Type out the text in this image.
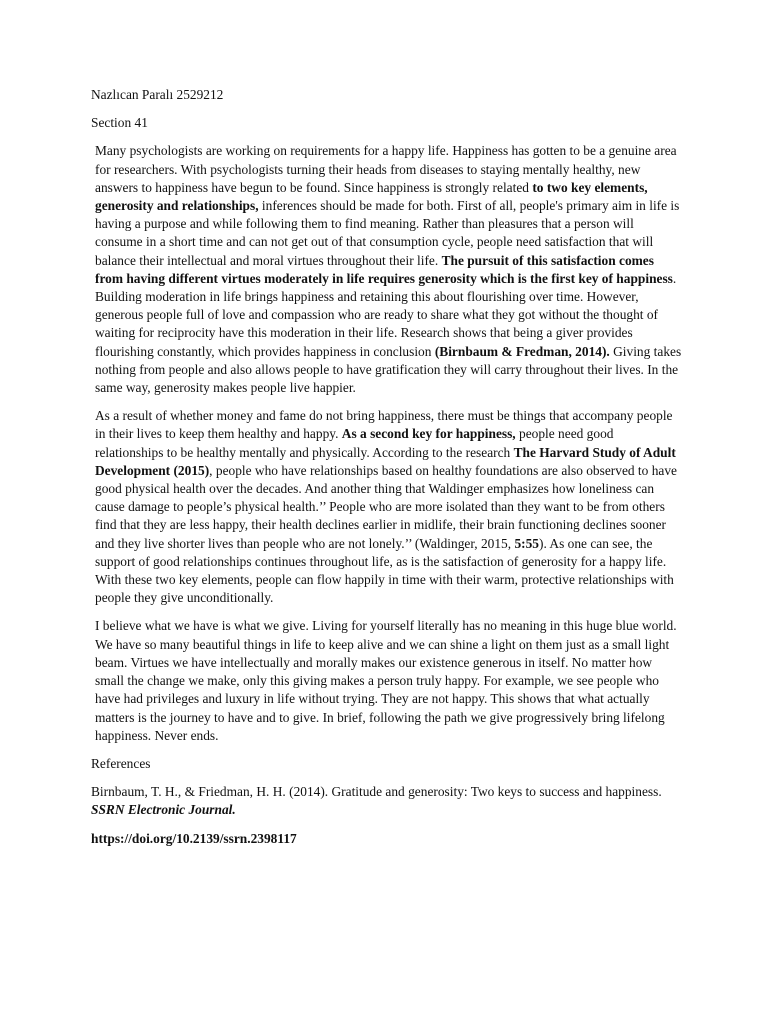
Nazlıcan Paralı 2529212

Section 41

Many psychologists are working on requirements for a happy life. Happiness has gotten to be a genuine area for researchers. With psychologists turning their heads from diseases to staying mentally healthy, new answers to happiness have begun to be found. Since happiness is strongly related to two key elements, generosity and relationships, inferences should be made for both. First of all, people's primary aim in life is having a purpose and while following them to find meaning. Rather than pleasures that a person will consume in a short time and can not get out of that consumption cycle, people need satisfaction that will balance their intellectual and moral virtues throughout their life. The pursuit of this satisfaction comes from having different virtues moderately in life requires generosity which is the first key of happiness. Building moderation in life brings happiness and retaining this about flourishing over time. However, generous people full of love and compassion who are ready to share what they got without the thought of waiting for reciprocity have this moderation in their life. Research shows that being a giver provides flourishing constantly, which provides happiness in conclusion (Birnbaum & Fredman, 2014). Giving takes nothing from people and also allows people to have gratification they will carry throughout their lives. In the same way, generosity makes people live happier.

As a result of whether money and fame do not bring happiness, there must be things that accompany people in their lives to keep them healthy and happy. As a second key for happiness, people need good relationships to be healthy mentally and physically. According to the research The Harvard Study of Adult Development (2015), people who have relationships based on healthy foundations are also observed to have good physical health over the decades. And another thing that Waldinger emphasizes how loneliness can cause damage to people’s physical health.’’ People who are more isolated than they want to be from others find that they are less happy, their health declines earlier in midlife, their brain functioning declines sooner and they live shorter lives than people who are not lonely.’’ (Waldinger, 2015, 5:55). As one can see, the support of good relationships continues throughout life, as is the satisfaction of generosity for a happy life. With these two key elements, people can flow happily in time with their warm, protective relationships with people they give unconditionally.

I believe what we have is what we give. Living for yourself literally has no meaning in this huge blue world. We have so many beautiful things in life to keep alive and we can shine a light on them just as a small light beam. Virtues we have intellectually and morally makes our existence generous in itself. No matter how small the change we make, only this giving makes a person truly happy. For example, we see people who have had privileges and luxury in life without trying. They are not happy. This shows that what actually matters is the journey to have and to give. In brief, following the path we give progressively bring lifelong happiness. Never ends.

References

Birnbaum, T. H., & Friedman, H. H. (2014). Gratitude and generosity: Two keys to success and happiness. SSRN Electronic Journal.

https://doi.org/10.2139/ssrn.2398117
